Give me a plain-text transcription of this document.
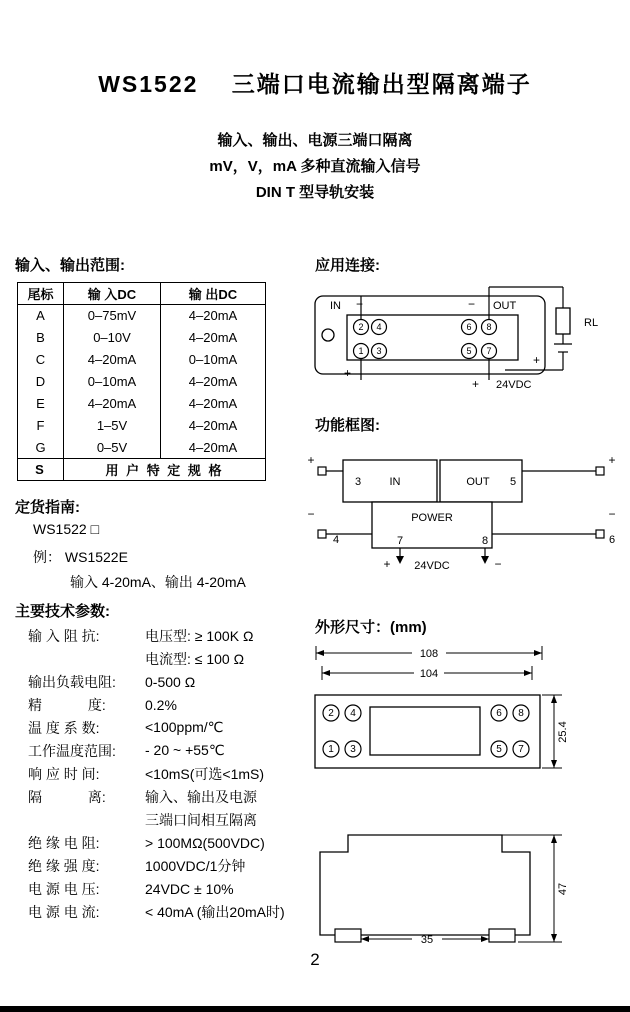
WS1522　 三端口电流输出型隔离端子
输入、输出、电源三端口隔离
mV，V，mA 多种直流输入信号
DIN T 型导轨安装
输入、输出范围:
尾标	输 入DC	输 出DC
A	0–75mV	4–20mA
B	0–10V	4–20mA
C	4–20mA	0–10mA
D	0–10mA	4–20mA
E	4–20mA	4–20mA
F	1–5V	4–20mA
G	0–5V	4–20mA
S	用 户 特 定 规 格	
定货指南:
WS1522 □
例： WS1522E
输入 4-20mA、输出 4-20mA
主要技术参数:
输 入 阻 抗:	电压型: ≥ 100K Ω
电流型: ≤ 100 Ω
输出负载电阻:	0-500 Ω
精　　　 度:	0.2%
温 度 系 数:	<100ppm/℃
工作温度范围:	- 20 ~ +55℃
响 应 时 间:	<10mS(可选<1mS)
隔　　　 离:	输入、输出及电源
三端口间相互隔离
绝 缘 电 阻:	> 100MΩ(500VDC)
绝 缘 强 度:	1000VDC/1分钟
电 源 电 压:	24VDC ± 10%
电 源 电 流:	< 40mA (输出20mA时)
应用连接:
2 4	6 8
1 3	5 7
IN −	− OUT
RL
+
+
+ 24VDC
功能框图:
+
−
+
−
3	IN	OUT 5
POWER
7	8
4	6
+ 24VDC	−
外形尺寸：(mm)
108
104
25.4
2 4	6 8
1 3	5 7
35
47
2
